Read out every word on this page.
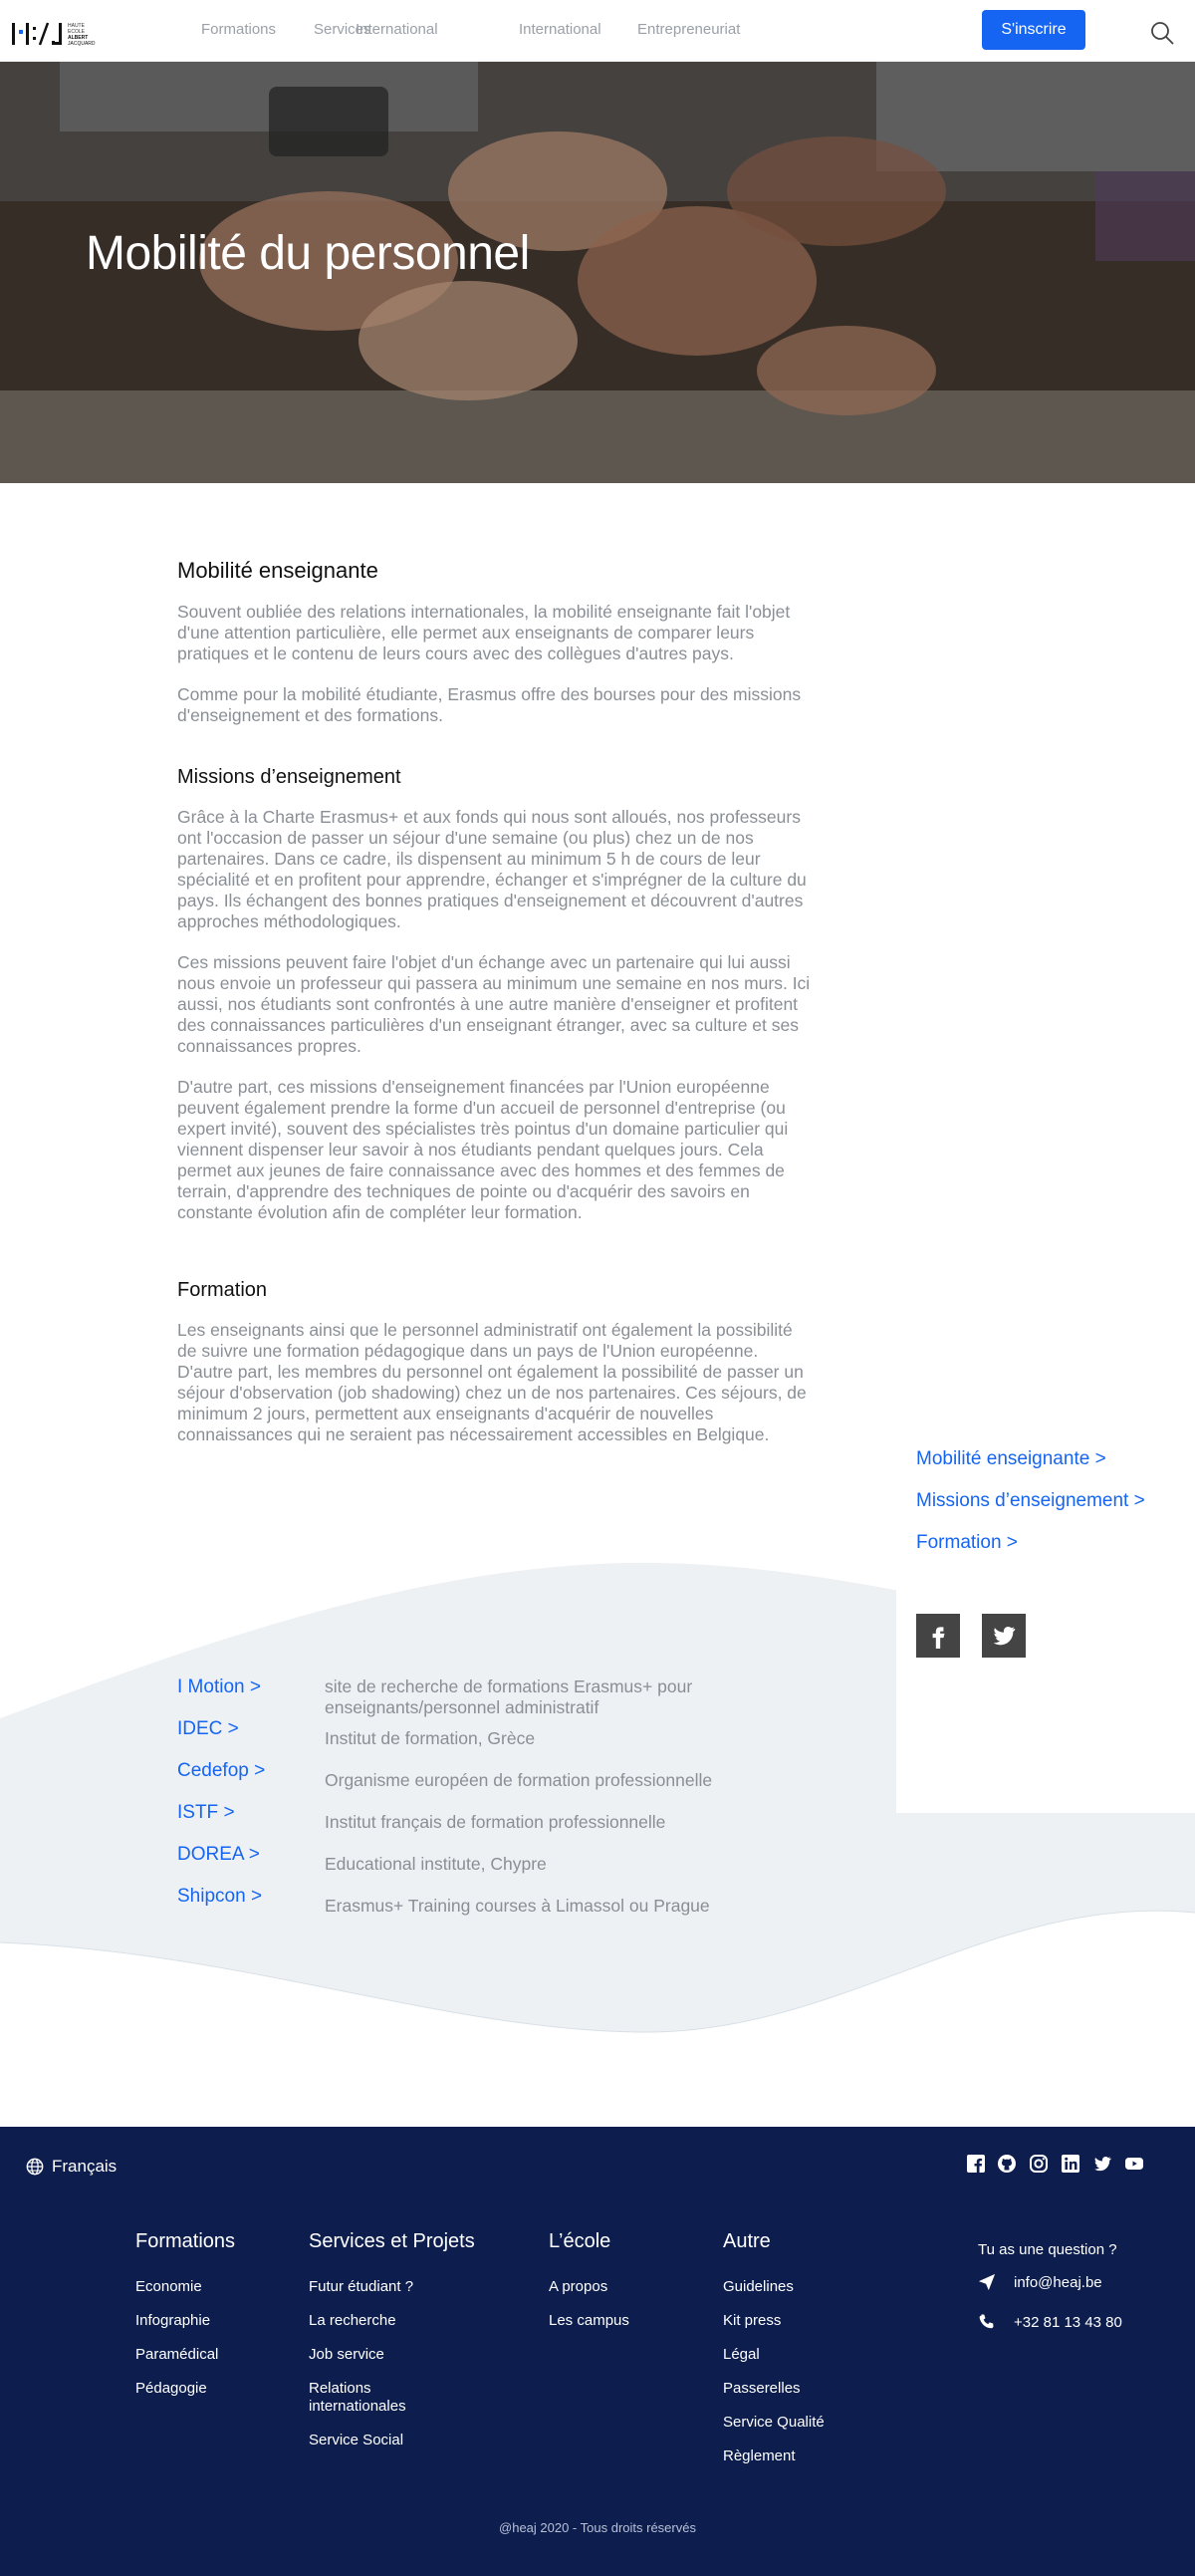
HAUTE
ECOLE
ALBERT
JACQUARD
Formations	Services
International	International Entrepreneuriat	S'inscrire
Mobilité du personnel
Mobilité enseignante

Souvent oubliée des relations internationales, la mobilité enseignante fait l'objet d'une attention particulière, elle permet aux enseignants de comparer leurs pratiques et le contenu de leurs cours avec des collègues d'autres pays.

Comme pour la mobilité étudiante, Erasmus offre des bourses pour des missions d'enseignement et des formations.

Missions d’enseignement

Grâce à la Charte Erasmus+ et aux fonds qui nous sont alloués, nos professeurs ont l'occasion de passer un séjour d'une semaine (ou plus) chez un de nos partenaires. Dans ce cadre, ils dispensent au minimum 5 h de cours de leur spécialité et en profitent pour apprendre, échanger et s'imprégner de la culture du pays. Ils échangent des bonnes pratiques d'enseignement et découvrent d'autres approches méthodologiques.

Ces missions peuvent faire l'objet d'un échange avec un partenaire qui lui aussi nous envoie un professeur qui passera au minimum une semaine en nos murs. Ici aussi, nos étudiants sont confrontés à une autre manière d'enseigner et profitent des connaissances particulières d'un enseignant étranger, avec sa culture et ses connaissances propres.

D'autre part, ces missions d'enseignement financées par l'Union européenne peuvent également prendre la forme d'un accueil de personnel d'entreprise (ou expert invité), souvent des spécialistes très pointus d'un domaine particulier qui viennent dispenser leur savoir à nos étudiants pendant quelques jours. Cela permet aux jeunes de faire connaissance avec des hommes et des femmes de terrain, d'apprendre des techniques de pointe ou d'acquérir des savoirs en constante évolution afin de compléter leur formation.

Formation

Les enseignants ainsi que le personnel administratif ont également la possibilité de suivre une formation pédagogique dans un pays de l'Union européenne. D'autre part, les membres du personnel ont également la possibilité de passer un séjour d'observation (job shadowing) chez un de nos partenaires. Ces séjours, de minimum 2 jours, permettent aux enseignants d'acquérir de nouvelles connaissances qui ne seraient pas nécessairement accessibles en Belgique.

Mobilité enseignante >
Missions d’enseignement >
Formation >
I Motion >	site de recherche de formations Erasmus+ pour enseignants/personnel administratif
IDEC >	Institut de formation, Grèce
Cedefop >	Organisme européen de formation professionnelle
ISTF >	Institut français de formation professionnelle
DOREA >	Educational institute, Chypre
Shipcon >	Erasmus+ Training courses à Limassol ou Prague
Français
Formations
Economie
Infographie
Paramédical
Pédagogie
Services et Projets
Futur étudiant ?
La recherche
Job service
Relations internationales
Service Social
L’école
A propos
Les campus
Autre
Guidelines
Kit press
Légal
Passerelles
Service Qualité
Règlement
Tu as une question ?
info@heaj.be
+32 81 13 43 80
@heaj 2020 - Tous droits réservés
